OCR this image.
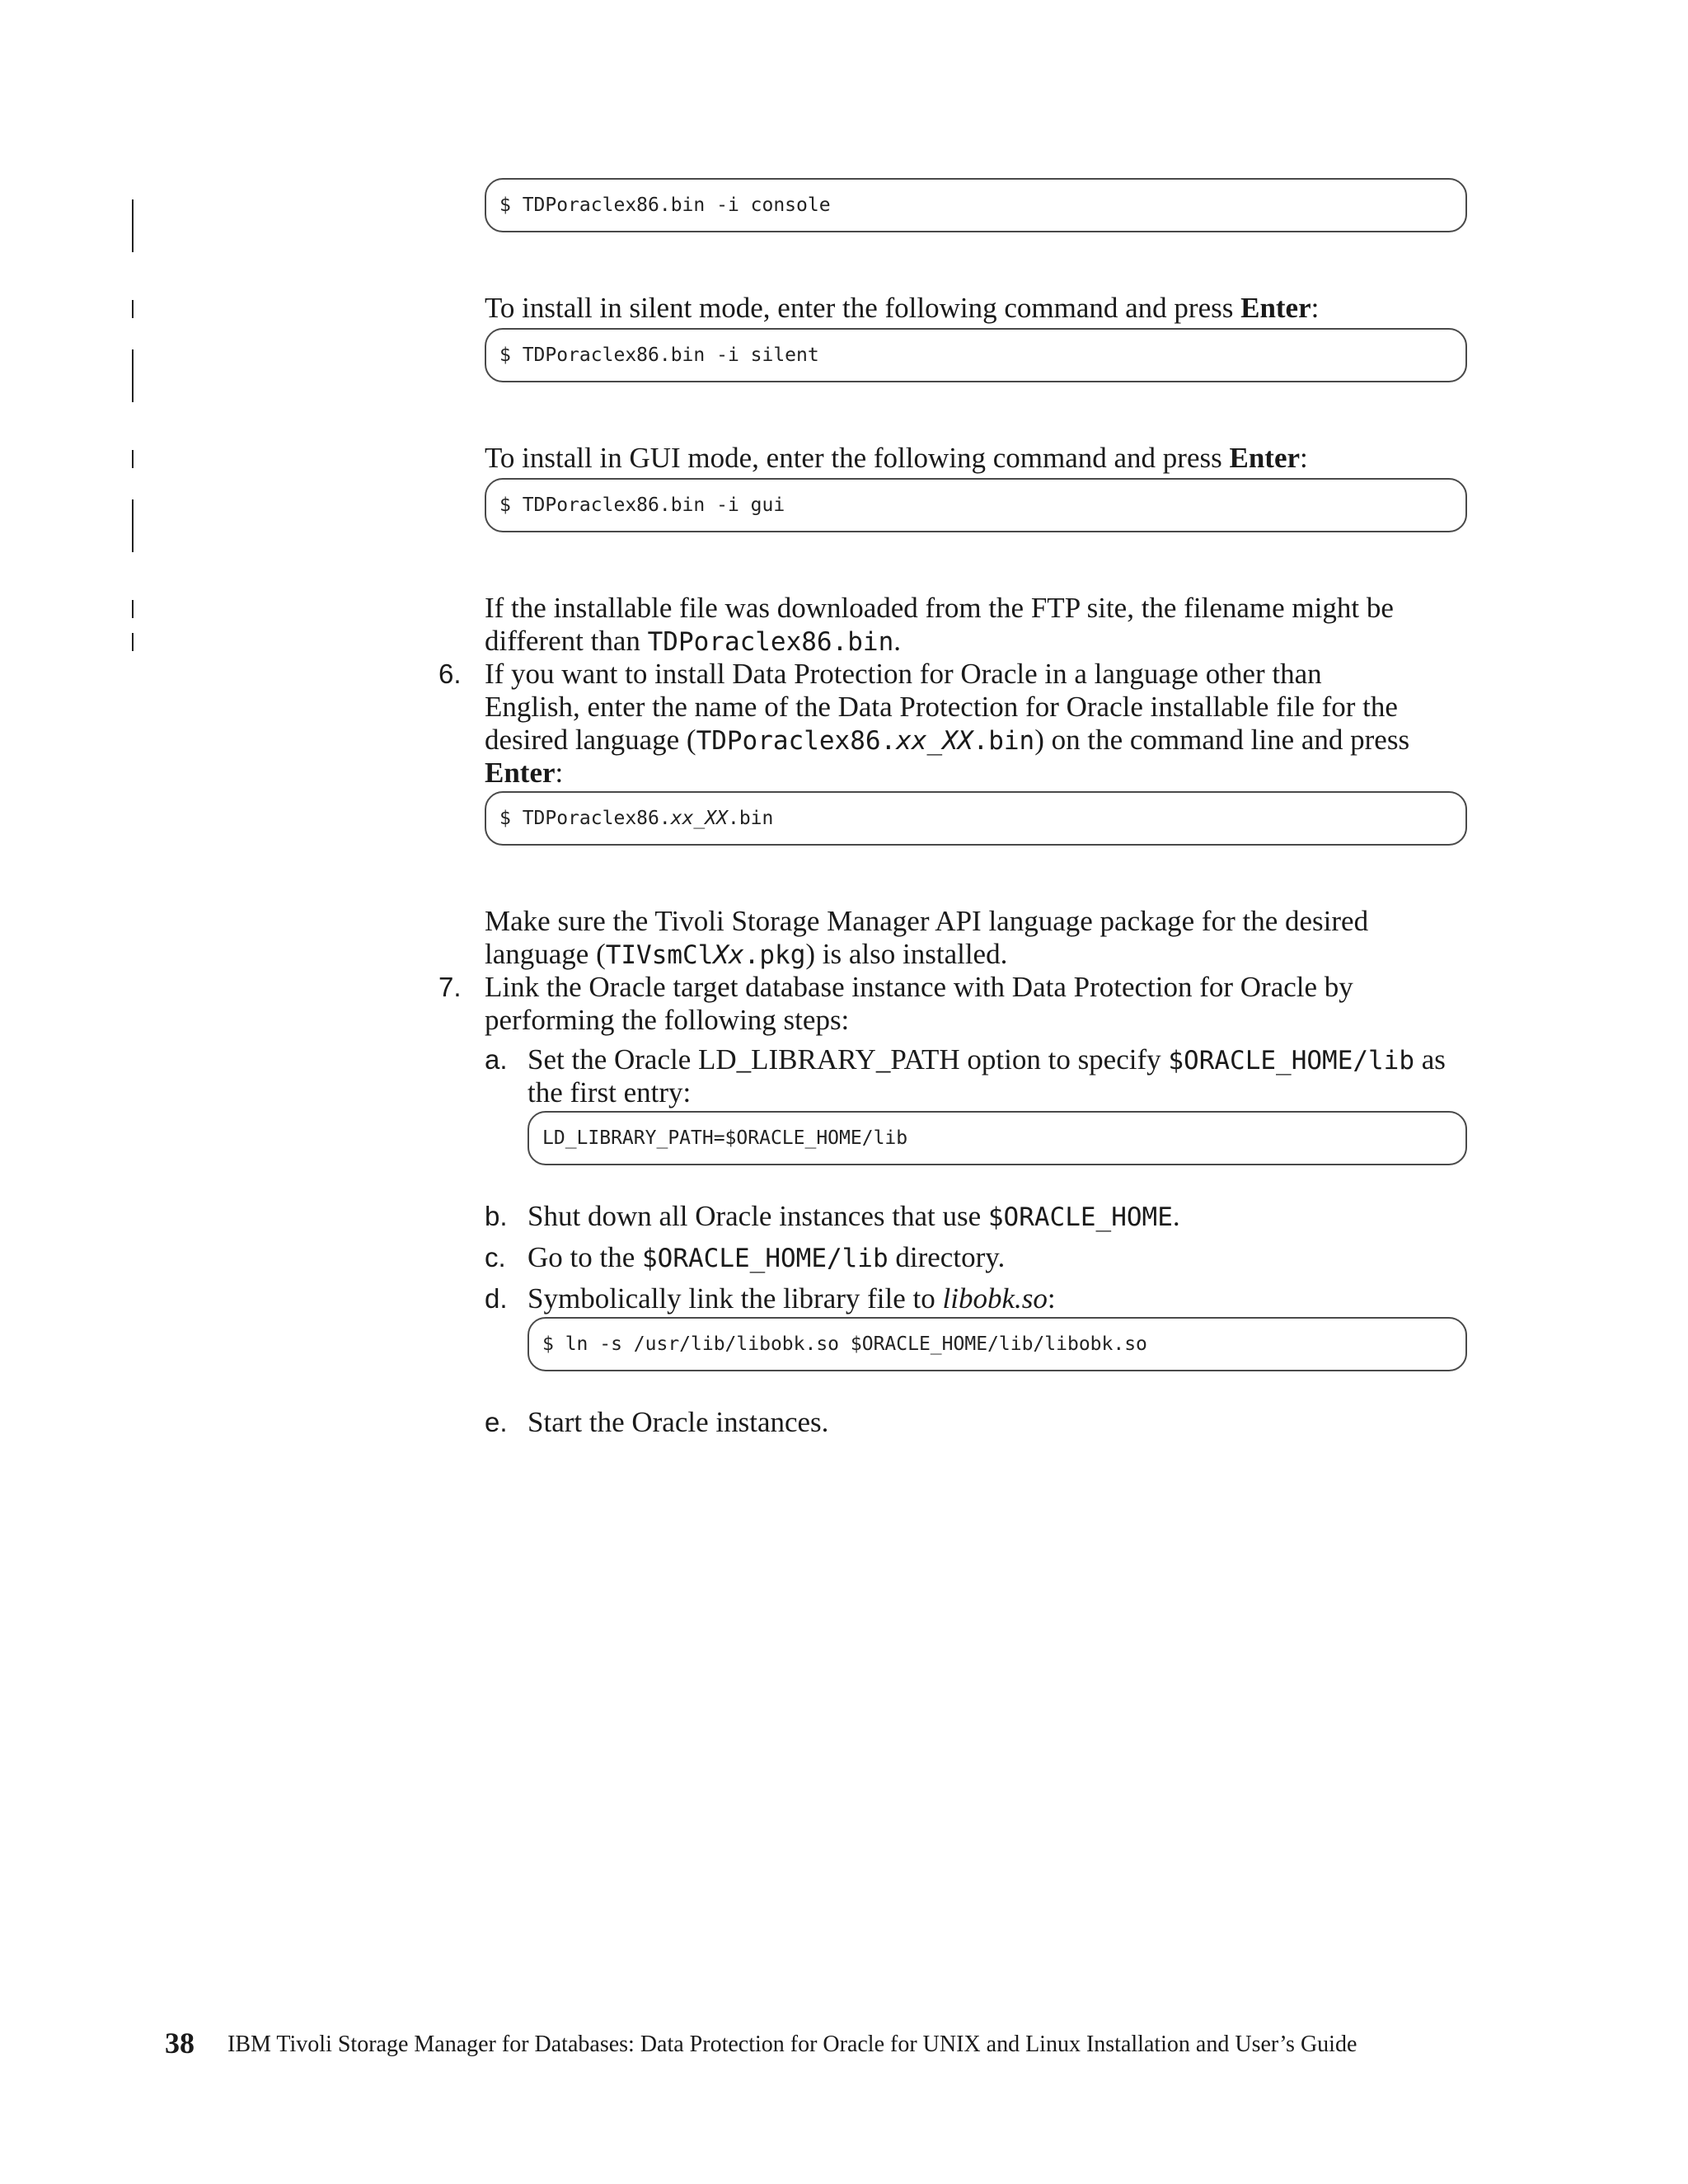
$ TDPoraclex86.bin -i console
To install in silent mode, enter the following command and press Enter:
$ TDPoraclex86.bin -i silent
To install in GUI mode, enter the following command and press Enter:
$ TDPoraclex86.bin -i gui
If the installable file was downloaded from the FTP site, the filename might be
different than TDPoraclex86.bin.
6. If you want to install Data Protection for Oracle in a language other than
English, enter the name of the Data Protection for Oracle installable file for the
desired language (TDPoraclex86.xx_XX.bin) on the command line and press
Enter:
$ TDPoraclex86. xx_XX .bin
Make sure the Tivoli Storage Manager API language package for the desired
language (TIVsmClXx.pkg) is also installed.
7. Link the Oracle target database instance with Data Protection for Oracle by
performing the following steps:
a. Set the Oracle LD_LIBRARY_PATH option to specify $ORACLE_HOME/lib as
the first entry:
LD_LIBRARY_PATH=$ORACLE_HOME/lib
b. Shut down all Oracle instances that use $ORACLE_HOME.
c. Go to the $ORACLE_HOME/lib directory.
d. Symbolically link the library file to libobk.so:
$ ln -s /usr/lib/libobk.so $ORACLE_HOME/lib/libobk.so
e. Start the Oracle instances.
38 IBM Tivoli Storage Manager for Databases: Data Protection for Oracle for UNIX and Linux Installation and User’s Guide
